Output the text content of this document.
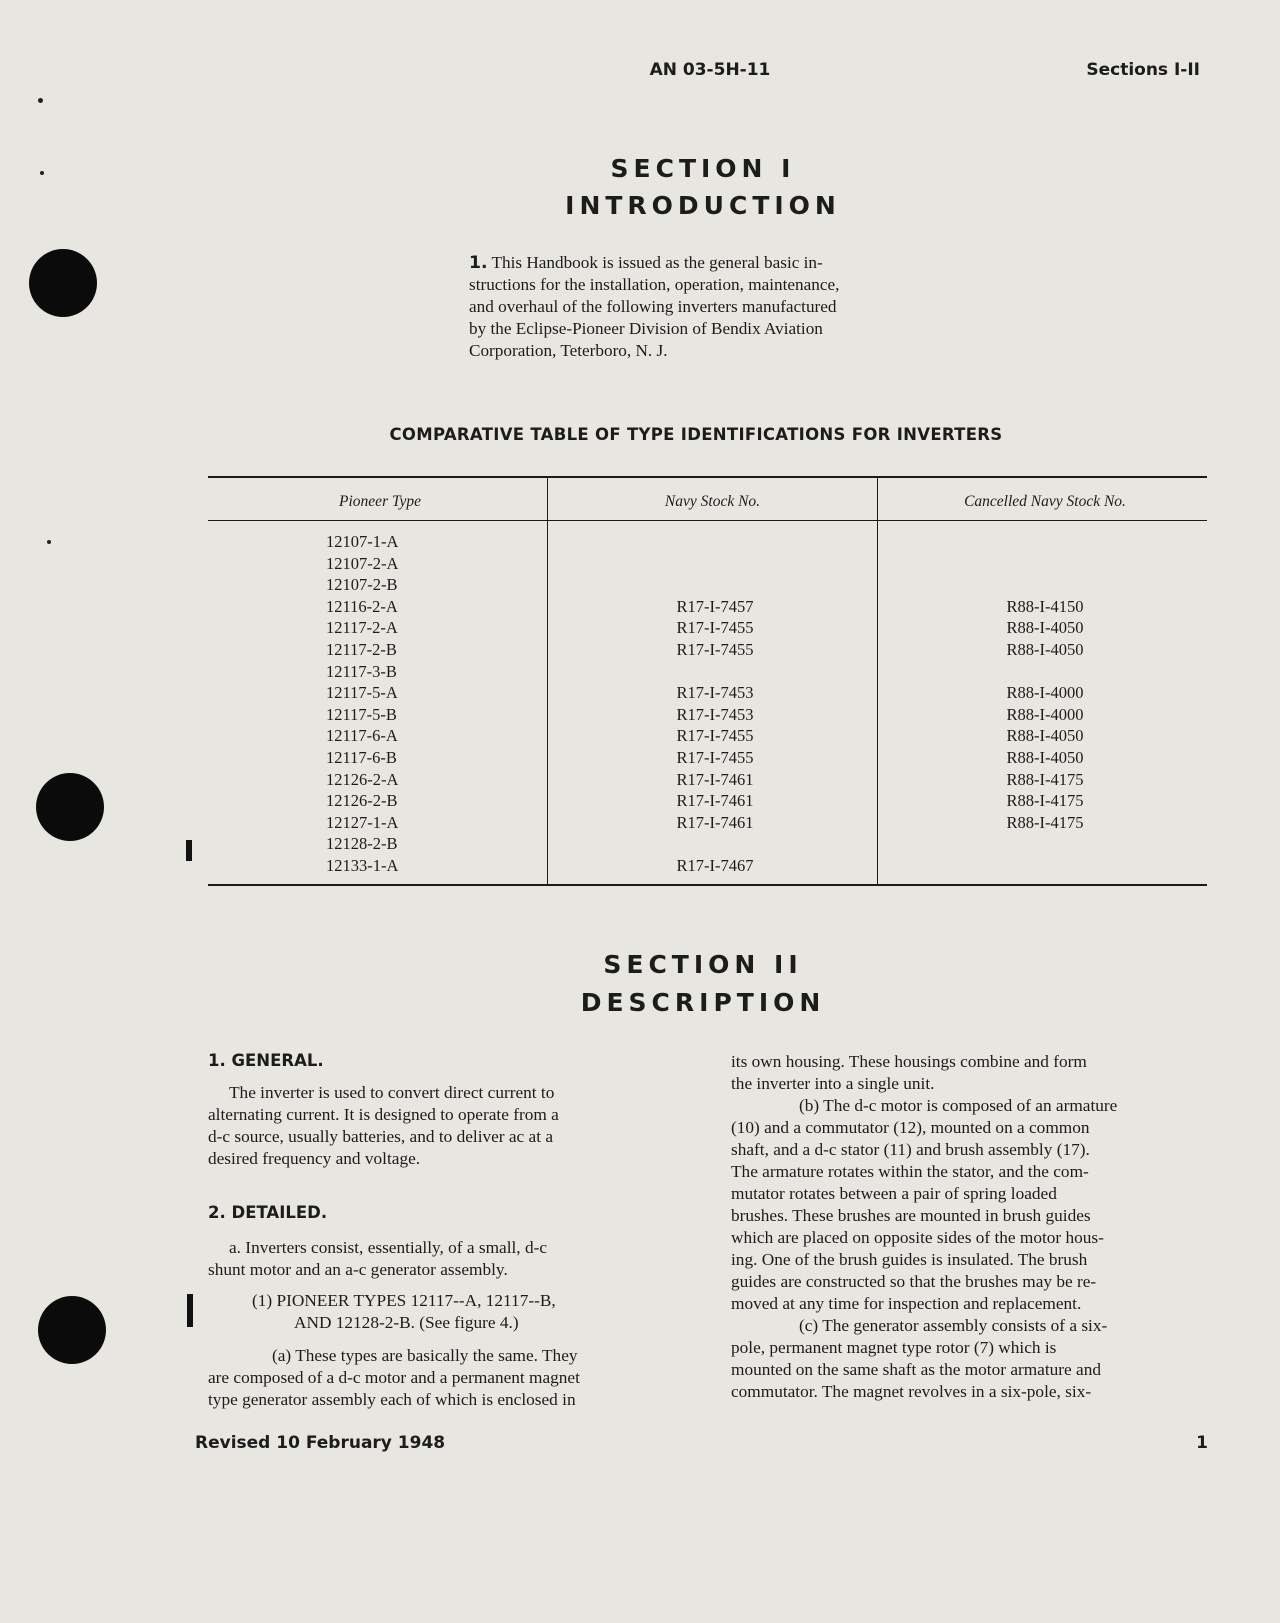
AN 03-5H-11	Sections I-II
SECTION I
INTRODUCTION
1. This Handbook is issued as the general basic in-
structions for the installation, operation, maintenance,
and overhaul of the following inverters manufactured
by the Eclipse-Pioneer Division of Bendix Aviation
Corporation, Teterboro, N. J.
COMPARATIVE TABLE OF TYPE IDENTIFICATIONS FOR INVERTERS
Pioneer Type	Navy Stock No.	Cancelled Navy Stock No.
12107-1-A
12107-2-A
12107-2-B
12116-2-A	R17-I-7457	R88-I-4150
12117-2-A	R17-I-7455	R88-I-4050
12117-2-B	R17-I-7455	R88-I-4050
12117-3-B
12117-5-A	R17-I-7453	R88-I-4000
12117-5-B	R17-I-7453	R88-I-4000
12117-6-A	R17-I-7455	R88-I-4050
12117-6-B	R17-I-7455	R88-I-4050
12126-2-A	R17-I-7461	R88-I-4175
12126-2-B	R17-I-7461	R88-I-4175
12127-1-A	R17-I-7461	R88-I-4175
12128-2-B
12133-1-A	R17-I-7467
SECTION II
DESCRIPTION
1. GENERAL.
The inverter is used to convert direct current to
alternating current. It is designed to operate from a
d-c source, usually batteries, and to deliver ac at a
desired frequency and voltage.
2. DETAILED.
a. Inverters consist, essentially, of a small, d-c
shunt motor and an a-c generator assembly.
(1) PIONEER TYPES 12117--A, 12117--B,
AND 12128-2-B. (See figure 4.)
(a) These types are basically the same. They
are composed of a d-c motor and a permanent magnet
type generator assembly each of which is enclosed in
its own housing. These housings combine and form
the inverter into a single unit.
(b) The d-c motor is composed of an armature
(10) and a commutator (12), mounted on a common
shaft, and a d-c stator (11) and brush assembly (17).
The armature rotates within the stator, and the com-
mutator rotates between a pair of spring loaded
brushes. These brushes are mounted in brush guides
which are placed on opposite sides of the motor hous-
ing. One of the brush guides is insulated. The brush
guides are constructed so that the brushes may be re-
moved at any time for inspection and replacement.
(c) The generator assembly consists of a six-
pole, permanent magnet type rotor (7) which is
mounted on the same shaft as the motor armature and
commutator. The magnet revolves in a six-pole, six-
Revised 10 February 1948	1
